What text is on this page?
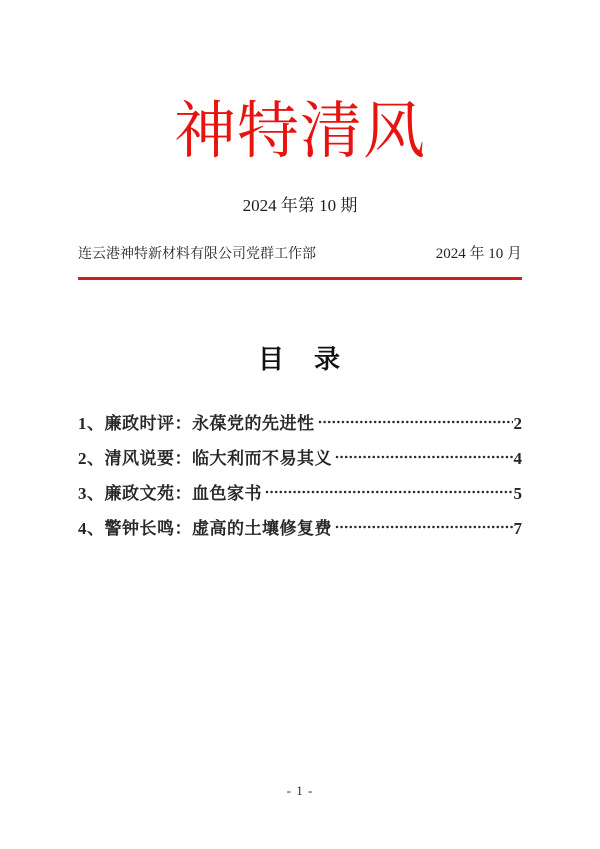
神特清风
2024 年第 10 期
连云港神特新材料有限公司党群工作部	2024 年 10 月
目　录
1、廉政时评：永葆党的先进性	2
2、清风说要：临大利而不易其义	4
3、廉政文苑：血色家书	5
4、警钟长鸣：虚高的土壤修复费	7
- 1 -
